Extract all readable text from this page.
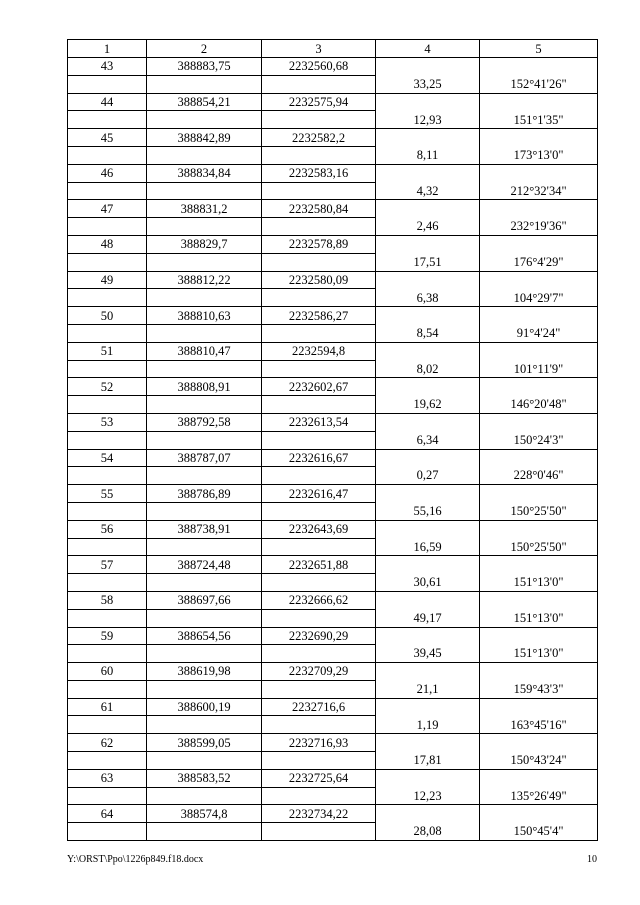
1	2	3	4	5
43	388883,75	2232560,68		
			33,25	152°41'26"
44	388854,21	2232575,94		
			12,93	151°1'35"
45	388842,89	2232582,2		
			8,11	173°13'0"
46	388834,84	2232583,16		
			4,32	212°32'34"
47	388831,2	2232580,84		
			2,46	232°19'36"
48	388829,7	2232578,89		
			17,51	176°4'29"
49	388812,22	2232580,09		
			6,38	104°29'7"
50	388810,63	2232586,27		
			8,54	91°4'24"
51	388810,47	2232594,8		
			8,02	101°11'9"
52	388808,91	2232602,67		
			19,62	146°20'48"
53	388792,58	2232613,54		
			6,34	150°24'3"
54	388787,07	2232616,67		
			0,27	228°0'46"
55	388786,89	2232616,47		
			55,16	150°25'50"
56	388738,91	2232643,69		
			16,59	150°25'50"
57	388724,48	2232651,88		
			30,61	151°13'0"
58	388697,66	2232666,62		
			49,17	151°13'0"
59	388654,56	2232690,29		
			39,45	151°13'0"
60	388619,98	2232709,29		
			21,1	159°43'3"
61	388600,19	2232716,6		
			1,19	163°45'16"
62	388599,05	2232716,93		
			17,81	150°43'24"
63	388583,52	2232725,64		
			12,23	135°26'49"
64	388574,8	2232734,22		
			28,08	150°45'4"
Y:\ORST\Ppo\1226p849.f18.docx	10
